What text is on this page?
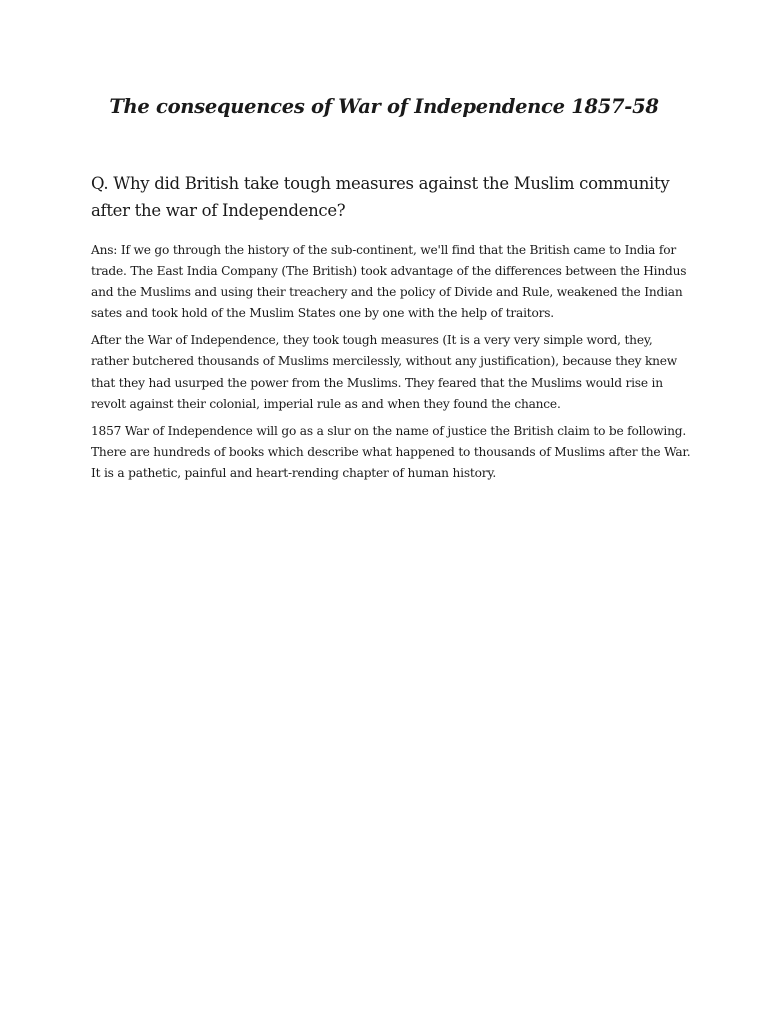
The consequences of War of Independence 1857-58

Q. Why did British take tough measures against the Muslim community after the war of Independence?

Ans: If we go through the history of the sub-continent, we'll find that the British came to India for trade. The East India Company (The British) took advantage of the differences between the Hindus and the Muslims and using their treachery and the policy of Divide and Rule, weakened the Indian sates and took hold of the Muslim States one by one with the help of traitors.

After the War of Independence, they took tough measures (It is a very very simple word, they, rather butchered thousands of Muslims mercilessly, without any justification), because they knew that they had usurped the power from the Muslims. They feared that the Muslims would rise in revolt against their colonial, imperial rule as and when they found the chance.

1857 War of Independence will go as a slur on the name of justice the British claim to be following. There are hundreds of books which describe what happened to thousands of Muslims after the War. It is a pathetic, painful and heart-rending chapter of human history.
